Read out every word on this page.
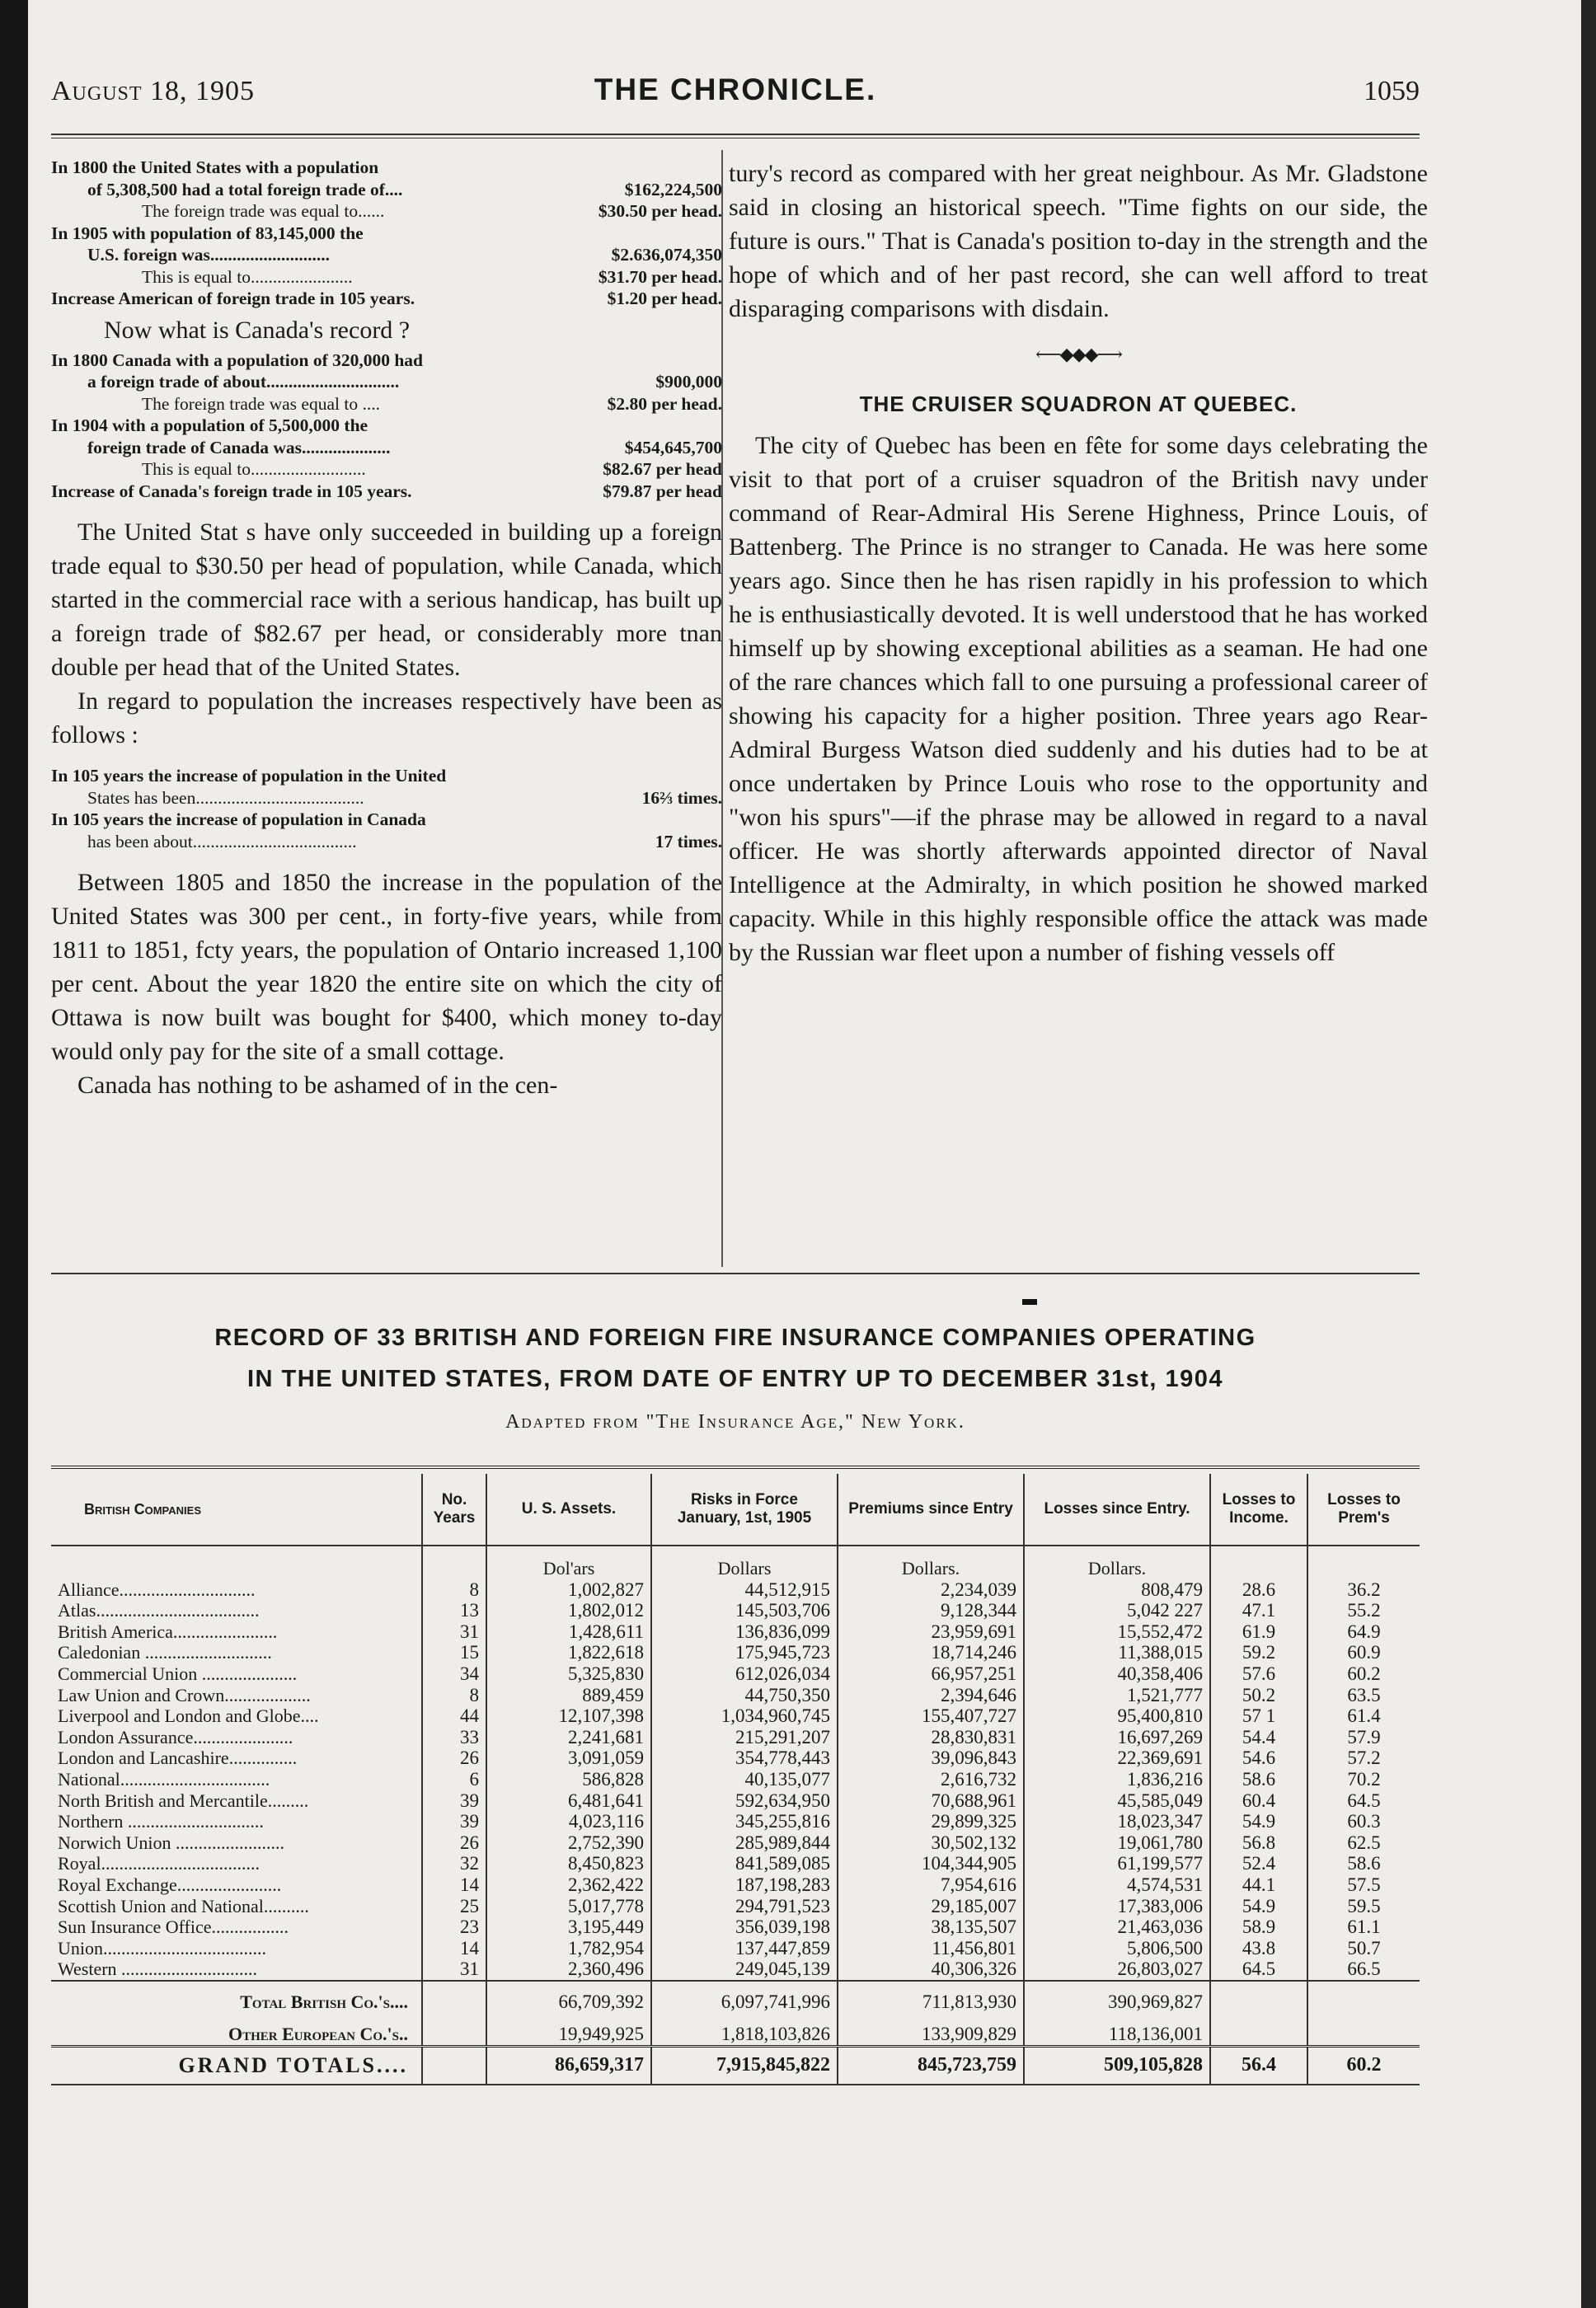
August 18, 1905	THE CHRONICLE.	1059
In 1800 the United States with a population
of 5,308,500 had a total foreign trade of....	$162,224,500
The foreign trade was equal to......	$30.50 per head.
In 1905 with population of 83,145,000 the
U.S. foreign was...........................	$2.636,074,350
This is equal to.......................	$31.70 per head.
Increase American of foreign trade in 105 years.	$1.20 per head.
Now what is Canada's record ?
In 1800 Canada with a population of 320,000 had
a foreign trade of about..............................	$900,000
The foreign trade was equal to ....	$2.80 per head.
In 1904 with a population of 5,500,000 the
foreign trade of Canada was....................	$454,645,700
This is equal to..........................	$82.67 per head
Increase of Canada's foreign trade in 105 years.	$79.87 per head

The United Stat s have only succeeded in building up a foreign trade equal to $30.50 per head of population, while Canada, which started in the commercial race with a serious handicap, has built up a foreign trade of $82.67 per head, or considerably more tnan double per head that of the United States.

In regard to population the increases respectively have been as follows :

In 105 years the increase of population in the United
States has been......................................	16⅔ times.
In 105 years the increase of population in Canada
has been about.....................................	17 times.

Between 1805 and 1850 the increase in the population of the United States was 300 per cent., in forty-five years, while from 1811 to 1851, fcty years, the population of Ontario increased 1,100 per cent. About the year 1820 the entire site on which the city of Ottawa is now built was bought for $400, which money to-day would only pay for the site of a small cottage.

Canada has nothing to be ashamed of in the cen-

tury's record as compared with her great neighbour. As Mr. Gladstone said in closing an historical speech. "Time fights on our side, the future is ours." That is Canada's position to-day in the strength and the hope of which and of her past record, she can well afford to treat disparaging comparisons with disdain.

⟵◆◆◆⟶
THE CRUISER SQUADRON AT QUEBEC.

The city of Quebec has been en fête for some days celebrating the visit to that port of a cruiser squadron of the British navy under command of Rear-Admiral His Serene Highness, Prince Louis, of Battenberg. The Prince is no stranger to Canada. He was here some years ago. Since then he has risen rapidly in his profession to which he is enthusiastically devoted. It is well understood that he has worked himself up by showing exceptional abilities as a seaman. He had one of the rare chances which fall to one pursuing a professional career of showing his capacity for a higher position. Three years ago Rear-Admiral Burgess Watson died suddenly and his duties had to be at once undertaken by Prince Louis who rose to the opportunity and "won his spurs"—if the phrase may be allowed in regard to a naval officer. He was shortly afterwards appointed director of Naval Intelligence at the Admiralty, in which position he showed marked capacity. While in this highly responsible office the attack was made by the Russian war fleet upon a number of fishing vessels off

RECORD OF 33 BRITISH AND FOREIGN FIRE INSURANCE COMPANIES OPERATING
IN THE UNITED STATES, FROM DATE OF ENTRY UP TO DECEMBER 31st, 1904
Adapted from "The Insurance Age," New York.
British Companies	No. Years	U. S. Assets.	Risks in Force January, 1st, 1905	Premiums since Entry	Losses since Entry.	Losses to Income.	Losses to Prem's
		Dol'ars	Dollars	Dollars.	Dollars.		
Alliance..............................	8	1,002,827	44,512,915	2,234,039	808,479	28.6	36.2
Atlas....................................	13	1,802,012	145,503,706	9,128,344	5,042 227	47.1	55.2
British America.......................	31	1,428,611	136,836,099	23,959,691	15,552,472	61.9	64.9
Caledonian ............................	15	1,822,618	175,945,723	18,714,246	11,388,015	59.2	60.9
Commercial Union .....................	34	5,325,830	612,026,034	66,957,251	40,358,406	57.6	60.2
Law Union and Crown...................	8	889,459	44,750,350	2,394,646	1,521,777	50.2	63.5
Liverpool and London and Globe....	44	12,107,398	1,034,960,745	155,407,727	95,400,810	57 1	61.4
London Assurance......................	33	2,241,681	215,291,207	28,830,831	16,697,269	54.4	57.9
London and Lancashire...............	26	3,091,059	354,778,443	39,096,843	22,369,691	54.6	57.2
National.................................	6	586,828	40,135,077	2,616,732	1,836,216	58.6	70.2
North British and Mercantile.........	39	6,481,641	592,634,950	70,688,961	45,585,049	60.4	64.5
Northern ..............................	39	4,023,116	345,255,816	29,899,325	18,023,347	54.9	60.3
Norwich Union ........................	26	2,752,390	285,989,844	30,502,132	19,061,780	56.8	62.5
Royal...................................	32	8,450,823	841,589,085	104,344,905	61,199,577	52.4	58.6
Royal Exchange.......................	14	2,362,422	187,198,283	7,954,616	4,574,531	44.1	57.5
Scottish Union and National..........	25	5,017,778	294,791,523	29,185,007	17,383,006	54.9	59.5
Sun Insurance Office.................	23	3,195,449	356,039,198	38,135,507	21,463,036	58.9	61.1
Union....................................	14	1,782,954	137,447,859	11,456,801	5,806,500	43.8	50.7
Western ..............................	31	2,360,496	249,045,139	40,306,326	26,803,027	64.5	66.5
Total British Co.'s....		66,709,392	6,097,741,996	711,813,930	390,969,827		
Other European Co.'s..		19,949,925	1,818,103,826	133,909,829	118,136,001		
GRAND TOTALS....		86,659,317	7,915,845,822	845,723,759	509,105,828	56.4	60.2
